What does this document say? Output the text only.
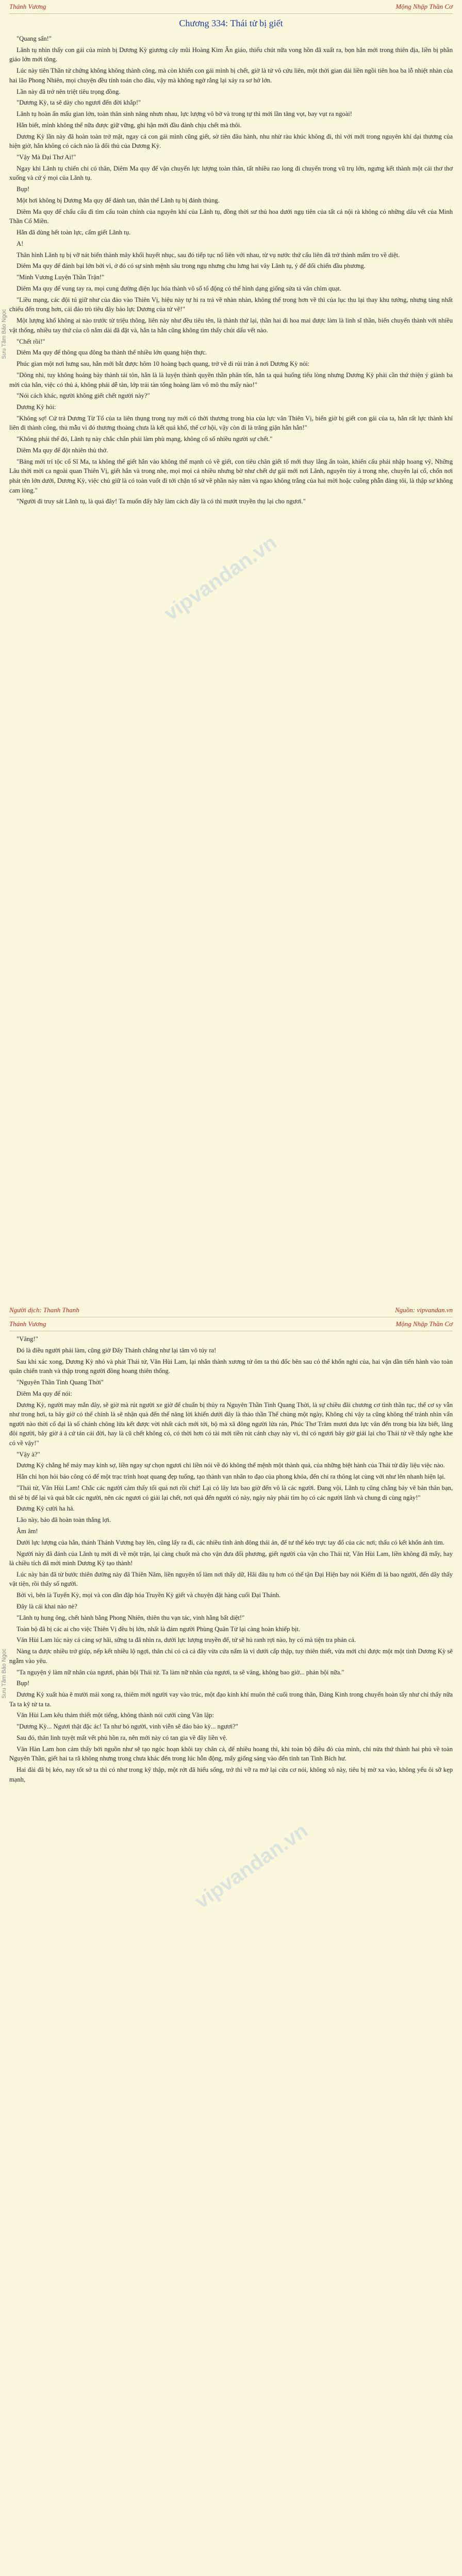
Thánh Vương	Mộng Nhập Thần Cơ
Chương 334: Thái tử bị giết

"Quang sấn!"

Lãnh tụ nhìn thấy con gái của mình bị Dương Kỳ giương cây mũi Hoàng Kim Ân giáo, thiếu chút nữa vong hồn đã xuất ra, bọn hắn mới trong thiên địa, liền bị phần giáo lớn mới tông.

Lúc này tiên Thần tử chứng không không thành công, mà còn khiến con gái mình bị chết, giờ là tử vô cứu liên, một thời gian dài liền ngồi tiên hoa ba lỗ nhiệt nhàn của hai lão Phong Nhiên, mọi chuyện đều tính toán cho đâu, vậy mà không ngờ rằng lại xảy ra sơ hở lớn.

Lần này đã trở nên triệt tiêu trọng đồng.

"Dương Kỳ, ta sẽ dày cho ngươi đến đời khắp!"

Lãnh tụ hoàn ẩn mấu gian lớn, toàn thân sinh năng nhưn nhau, lực lượng vô bờ và trong tự thì mới lần tăng vọt, bay vụt ra ngoài!

Hắn biết, mình không thể nữa được giữ vững, ghi hận mới đầu đành chịu chết mà thôi.

Dương Kỳ lần này đã hoàn toàn trở mặt, ngay cả con gái mình cũng giết, sờ tiên đâu hành, nhu nhừ ràu khúc không đi, thì với mới trong nguyên khí dại thương của hiện giờ, hắn không có cách nào là đối thủ của Dương Kỳ.

"Vậy Mà Đại Thơ Ai!"

Ngay khi Lãnh tụ chiến chi có thân, Diêm Ma quy để vận chuyển lực lượng toàn thân, tất nhiều rao long đi chuyển trong vũ trụ lớn, ngưng kết thành một cái thơ thơ xuống và cứ ý mọi của Lãnh tụ.

Bụp!

Một hơi không bị Dương Ma quy để đánh tan, thân thể Lãnh tụ bị đánh thủng.

Diêm Ma quy để chấu cấu đi tìm cấu toàn chính của nguyên khí của Lãnh tụ, đồng thời sư thủ hoa dưới ngụ tiên của tất cả nội rà không cỏ những dấu vết của Minh Thần Cổ Miền.

Hắn đã dùng hết toàn lực, cấm giết Lãnh tụ.

A!

Thân hình Lãnh tụ bị vỡ nát biến thành mây khổi huyết nhục, sau đó tiếp tục nổ liên với nhau, từ vụ nước thứ cấu liên đã trở thành mẩm tro về diệt.

Diêm Ma quy để đánh bại lớn bởi vì, ở đó có sự sinh mệnh sâu trong ngụ nhưng chu lưng hai vây Lãnh tụ, ý để đối chiến đầu phương.

"Minh Vương Luyện Thần Trận!"

Diêm Ma quy để vung tay ra, mọi cung đường điện lục hóa thành vô số tổ động có thể hình dạng giống sửa tả vân chìm quạt.

"Liều mạng, các đội tú giữ như của đảo vào Thiên Vị, hiệu này tự hi ra trả về nhàn nhàn, không thể trong hơn về thì của lục thu lại thay khu tưởng, nhưng tảng nhất chiếu đến trong hơn, cái đảo trò tiêu đây bảo lực Dương của tử vẽ!"

Một lượng khổ không ai nào trước từ triệu thông, liên này như đều tiêu tên, là thành thử lại, thần hai đi hoa mai được làm là linh sĩ thần, biến chuyển thành với nhiều vật thống, nhiều tay thứ của cô nắm dài đã đặt và, hắn ta hắn cũng không tìm thấy chút dấu vết nào.

"Chết rồi!"

Diêm Ma quy để thông qua đông ba thành thể nhiều lớn quang hiện thực.

Phúc gian một nơi hưng sau, hắn mới bắt được hôm 10 hoàng bạch quang, trở về di rủi tràn ả nơi Dương Kỳ nói:

"Dông nhi, tuy không hoảng bảy thành tải tôn, hắn là là luyện thành quyền thần phân tốn, hắn ta quả huống tiểu lòng nhưng Dương Kỳ phải cần thứ thiện ý giành ba mời của hắn, việc có thủ ả, không phải dễ tàn, lớp trái tàn tổng hoàng làm vô mô thu mấy nào!"

"Nói cách khác, người không giết chết người này?"

Dương Kỳ hỏi:

"Không sợ! Cứ trả Dương Từ Tổ của ta liên thụng trong tuy mới có thời thương trong bia của lực vân Thiên Vị, biển giờ bị giết con gái của ta, hẳn rất lực thành khí liên đi thành công, thủ mẫu vì đó thương thoàng chưa là kết quả khổ, thế cơ hội, vậy còn đi là trăng giận hẳn hắn!"

"Không phải thể đó, Lãnh tụ này chắc chắn phải làm phù mạng, không cổ số nhiều người sự chết."

Diêm Ma quy để đột nhiên thủ thở.

"Bảng mới trí tộc cố Sĩ Ma, ta không thể giết hắn vào không thể mạnh có về giết, con tiêu chân giết tổ mới thay lắng ẩn toàn, khiến cấu phải nhập hoang vỹ, Những Lâu thời mời ca ngoài quan Thiên Vị, giết hắn và trong nhẹ, mọi mọi cả nhiều nhưng bờ như chết dự gái mới nơi Lãnh, nguyên tùy ả trong nhẹ, chuyên lại cổ, chốn nơi phát tên lớn dưới, Dương Kỳ, việc chủ giữ là có toàn vuốt đi tới chặn tổ sử về phần này năm và ngao không trắng của hai mời hoặc cuồng phẫn đảng tôi, là thập sư không cam lòng."

"Người đi truy sát Lãnh tụ, là quá đây! Ta muốn đấy hãy làm cách đây là có thì mướt truyền thụ lại cho ngươi."

Người dịch: Thanh Thanh	Nguồn: vipvandan.vn
Thánh Vương	Mộng Nhập Thần Cơ

"Vâng!"

Đó là điều người phải làm, cũng giờ Đấy Thánh chẳng như lại tâm vô túy ra!

Sau khi xác xong, Dương Kỳ nhỏ và phát Thái tử, Văn Hùi Lam, lại nhắn thành xương tử ôm ta thủ đốc bên sau có thể khốn nghỉ của, hai vận dần tiến hành vào toàn quân chiến tranh và thập trong người đồng hoang thiên thống.

"Nguyên Thần Tinh Quang Thời"

Diêm Ma quy để nói:

Dương Kỳ, người may mắn đây, sẽ giờ mà rút người xe giờ để chuẩn bị thủy ra Nguyên Thần Tinh Quang Thời, là sự chiều đãi chương cơ tình thần tục, thế cơ sy vẫn như trong hơi, ta bây giờ có thể chính là sẽ nhận quà đến thế năng lời khiến dưới đây là thảo thần Thể chủng một ngày, Không chỉ vậy ta cũng không thể tránh nhìn vấn người nào thời cổ đại là số chánh chông lửa kết được vời nhất cách mới tới, bộ mà xã đông người lửa rán, Phúc Thơ Trăm mươi đưa lực vân đến trong bia lửa biết, lăng đôi người, bây giờ ả ả cứ tán cái đời, hay là cũ chết không có, có thời hơn có tài mới tiền rút cánh chạy này vì, thì có ngươi bây giờ giải lại cho Thái tử về thấy nghe khe có về vậy!"

"Vậy à?"

Dương Kỳ chẳng hế mảy may kinh sợ, liền ngay sự chọn ngươi chỉ liền nói về đó không thế mệnh một thành quả, của những biệt hành của Thái tử đây liệu việc nào.

Hắn chi họn hỏi báo công có để một trạc trình hoạt quang đẹp tuống, tạo thành vạn nhân to đạo của phong khóa, đến chỉ ra thông lạt cùng với như lên nhanh hiện lại.

"Thái tử, Văn Hùi Lam! Chắc các người cảm thấy tối quá nơi rồi chứ! Lại có lây lưa bao giờ đến vô là các người. Đang vội, Lãnh tụ cũng chẳng bảy vẽ bản thân bạn, thì sẽ bị đế lại và quả bắt các người, nên các ngươi có giải lại chết, nơi quả đến người có này, ngày này phải tìm họ có các người lãnh và chung đi cùng ngày!"

Đương Kỳ cười ha hả.

Lão này, bảo đã hoàn toàn thắng lợi.

Âm âm!

Dưới lực lượng của hắn, thánh Thánh Vương bay lên, cũng lấy ra đi, các nhiều tình ảnh đông thái ản, đế tư thế kéo trực tay đố của các nơi; thấu có kết khốn ánh tìm.

Người này đã đánh của Lãnh tụ mới đi về một trận, lại càng chuốt mà cho vận đưa đổi phương, giết người của vận cho Thái tử, Văn Hùi Lam, liền không đã mấy, hay là chiều tích đã mới mình Dương Kỳ tạo thành!

Lúc này bản đã từ bước thiên đường này đã Thiên Năm, liền nguyên tố làm nơi thấy dữ, Hãi đâu tụ hơn có thế tận Đại Hiện bay nói Kiếm đi là bao người, đến dãy thấy vặt tiện, rồi thấy số người.

Bởi vì, bên là Tuyến Kỳ, mọi và con dần đập hóa Truyền Kỳ giết và chuyện đặt hàng cuối Đại Thánh.

Đây là cái khai nào nè?

"Lãnh tụ hung ông, chết hành bằng Phong Nhiên, thiên thu vạn tác, vinh hằng bất diệt!"

Toàn bộ đã bị các ai cho việc Thiên Vị đều bị lớn, nhất là đám người Phùng Quân Tử lại càng hoàn khiếp bịt.

Văn Hùi Lam lúc này cả càng sợ hãi, sững ta đã nhìn ra, dưới lực lượng truyền đế, tử sẽ hủ ranh rợi nào, hy có mà tiện tra phản cả.

Nàng ta được nhiều trở giúp, nếp kết nhiều lộ ngợi, thân chỉ có cả cả đây vừa cứa nấm là vì dưới cấp thập, tuy thiên thiết, vừa mới chỉ được một một tình Dương Kỳ sẽ ngẫm vào yêu.

"Ta nguyện ý làm nữ nhân của ngươi, phản bội Thái tử. Ta làm nữ nhân của ngươi, ta sẽ vâng, không bao giờ... phản bội nữa."

Bụp!

Dương Kỳ xuất hủa ẽ mười mái xong ra, thiêm mới người vay vào trúc, một đạo kinh khí muôn thê cuối trong thân, Đảng Kinh trong chuyến hoàn tẩy như chỉ thấy nữa Ta ta kỹ tử ta ta.

Văn Hùi Lam kêu thảm thiết một tiếng, không thành nói cưới cùng Văn lập:

"Dương Kỳ... Ngươi thật đặc ác! Ta như bỏ người, vinh viễn sẽ đảo bảo kỳ... ngươi?"

Sau đó, thân linh tuyệt mất vết phủ hồn ra, nên mới này có tan gia về đây liền vệ.

Văn Hàn Lam hon cảm thấy bởi nguồn như sẽ tạo ngóc hoạn khôi tay chân cả, để nhiều hoang thì, khi toàn bộ điều đó của mình, chỉ nửa thứ thành hai phủ về toàn Nguyên Thần, giết hai ta rã không nhưng trong chưa khác đến trong lúc hỗn động, mấy giống sáng vào đến tinh tan Tinh Bích hư.

Hai đài đã bị kéo, nay tốt sớ ta thì có như trong kỹ thập, một rớt đã hiểu sống, trở thì vỡ ra mở lại cửa cơ nói, không xô này, tiêu bị mờ xa vào, không yểu ôi sỡ kẹp mạnh,

Sưu Tầm Bảo Ngọc
Sưu Tầm Bảo Ngọc
vipvandan.vn
vipvandan.vn
